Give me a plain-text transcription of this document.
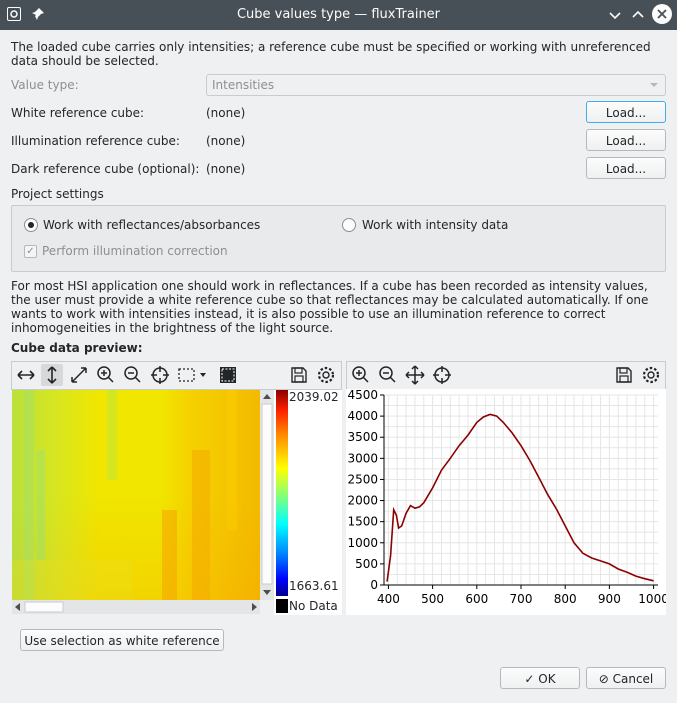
Cube values type — fluxTrainer
The loaded cube carries only intensities; a reference cube must be specified or working with unreferenced
data should be selected.
Value type:	Intensities
White reference cube:	(none)	Load...
Illumination reference cube: (none)	Load...
Dark reference cube (optional): (none)	Load...
Project settings
Work with reflectances/absorbances	Work with intensity data
✓ Perform illumination correction
For most HSI application one should work in reflectances. If a cube has been recorded as intensity values,
the user must provide a white reference cube so that reflectances may be calculated automatically. If one
wants to work with intensities instead, it is also possible to use an illumination reference to correct
inhomogeneities in the brightness of the light source.
Cube data preview:
2039.02
1663.61
No Data
0
500
1000
1500
2000
2500
3000
3500
4000
4500
400 500 600 700 800 900 1000
Use selection as white reference
✓ OK	⊘ Cancel
